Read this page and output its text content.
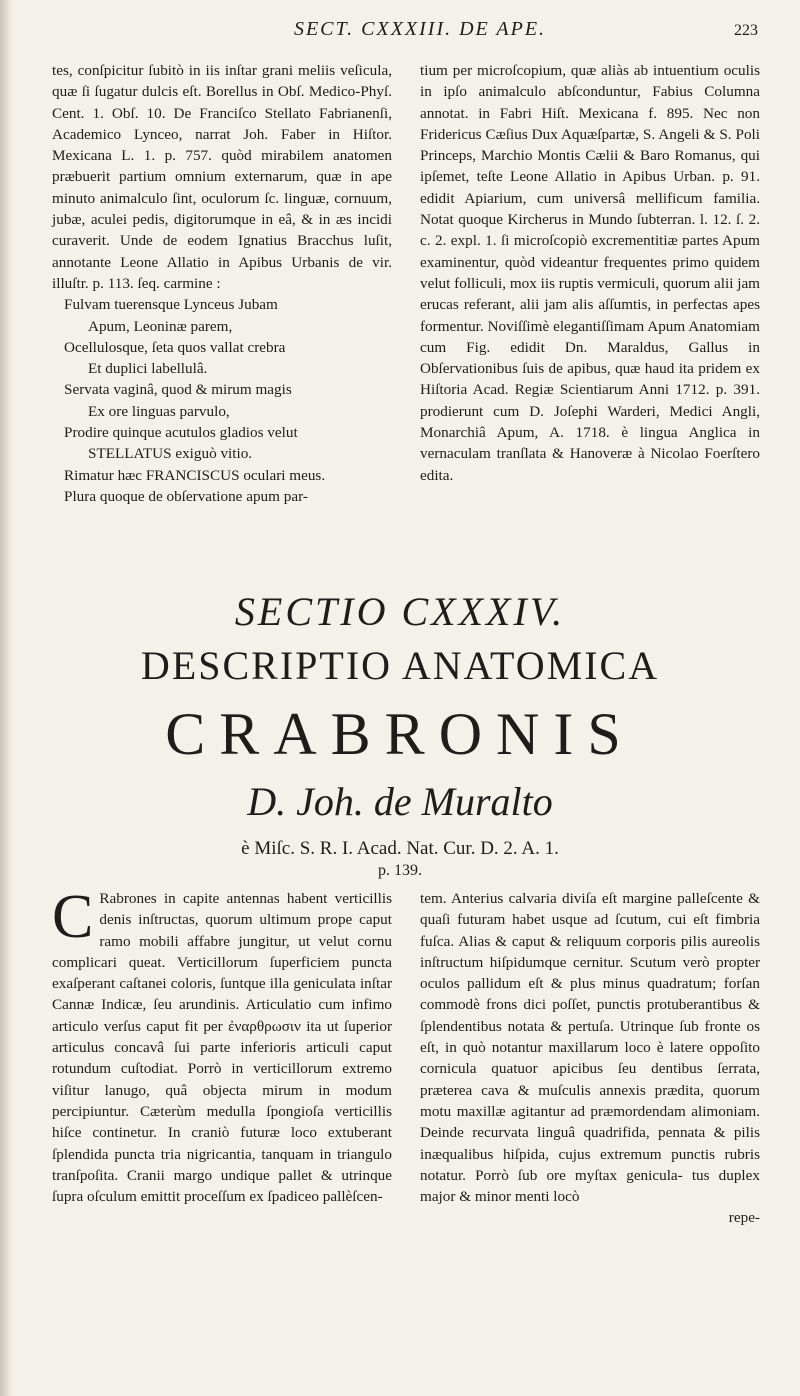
SECT. CXXXIII. DE APE.	223

tes, conſpicitur ſubitò in iis inſtar grani meliis veſicula, quæ ſi ſugatur dulcis eſt. Borellus in Obſ. Medico-Phyſ. Cent. 1. Obſ. 10. De Franciſco Stellato Fabrianenſi, Academico Lynceo, narrat Joh. Faber in Hiſtor. Mexicana L. 1. p. 757. quòd mirabilem anatomen præbuerit partium omnium externarum, quæ in ape minuto animalculo ſint, oculorum ſc. linguæ, cornuum, jubæ, aculei pedis, digitorumque in eâ, & in æs incidi curaverit. Unde de eodem Ignatius Bracchus luſit, annotante Leone Allatio in Apibus Urbanis de vir. illuſtr. p. 113. ſeq. carmine :

Fulvam tuerensque Lynceus Jubam
Apum, Leoninæ parem,
Ocellulosque, ſeta quos vallat crebra
Et duplici labellulâ.
Servata vaginâ, quod & mirum magis
Ex ore linguas parvulo,
Prodire quinque acutulos gladios velut
STELLATUS exiguò vitio.
Rimatur hæc FRANCISCUS oculari meus.
Plura quoque de obſervatione apum par-

tium per microſcopium, quæ aliàs ab intuentium oculis in ipſo animalculo abſconduntur, Fabius Columna annotat. in Fabri Hiſt. Mexicana f. 895. Nec non Fridericus Cæſius Dux Aquæſpartæ, S. Angeli & S. Poli Princeps, Marchio Montis Cælii & Baro Romanus, qui ipſemet, teſte Leone Allatio in Apibus Urban. p. 91. edidit Apiarium, cum universâ mellificum familia. Notat quoque Kircherus in Mundo ſubterran. l. 12. ſ. 2. c. 2. expl. 1. ſi microſcopiò excrementitiæ partes Apum examinentur, quòd videantur frequentes primo quidem velut folliculi, mox iis ruptis vermiculi, quorum alii jam erucas referant, alii jam alis aſſumtis, in perfectas apes formentur. Noviſſimè elegantiſſimam Apum Anatomiam cum Fig. edidit Dn. Maraldus, Gallus in Obſervationibus ſuis de apibus, quæ haud ita pridem ex Hiſtoria Acad. Regiæ Scientiarum Anni 1712. p. 391. prodierunt cum D. Joſephi Warderi, Medici Angli, Monarchiâ Apum, A. 1718. è lingua Anglica in vernaculam tranſlata & Hanoveræ à Nicolao Foerſtero edita.

SECTIO CXXXIV.
DESCRIPTIO ANATOMICA
CRABRONIS
D. Joh. de Muralto
è Miſc. S. R. I. Acad. Nat. Cur. D. 2. A. 1.
p. 139.

C Rabrones in capite antennas habent verticillis denis inſtructas, quorum ultimum prope caput ramo mobili affabre jungitur, ut velut cornu complicari queat. Verticillorum ſuperficiem puncta exaſperant caſtanei coloris, ſuntque illa geniculata inſtar Cannæ Indicæ, ſeu arundinis. Articulatio cum infimo articulo verſus caput fit per ἐναρθρωσιν ita ut ſuperior articulus concavâ ſui parte inferioris articuli caput rotundum cuſtodiat. Porrò in verticillorum extremo viſitur lanugo, quâ objecta mirum in modum percipiuntur. Cæterùm medulla ſpongioſa verticillis hiſce continetur. In craniò futuræ loco extuberant ſplendida puncta tria nigricantia, tanquam in triangulo tranſpoſita. Cranii margo undique pallet & utrinque ſupra oſculum emittit proceſſum ex ſpadiceo pallèſcen-

tem. Anterius calvaria diviſa eſt margine palleſcente & quaſi futuram habet usque ad ſcutum, cui eſt fimbria fuſca. Alias & caput & reliquum corporis pilis aureolis inſtructum hiſpidumque cernitur. Scutum verò propter oculos pallidum eſt & plus minus quadratum; forſan commodè frons dici poſſet, punctis protuberantibus & ſplendentibus notata & pertuſa. Utrinque ſub fronte os eſt, in quò notantur maxillarum loco è latere oppoſito cornicula quatuor apicibus ſeu dentibus ſerrata, præterea cava & muſculis annexis prædita, quorum motu maxillæ agitantur ad præmordendam alimoniam. Deinde recurvata linguâ quadrifida, pennata & pilis inæqualibus hiſpida, cujus extremum punctis rubris notatur. Porrò ſub ore myſtax genicula- tus duplex major & minor menti locò

repe-
